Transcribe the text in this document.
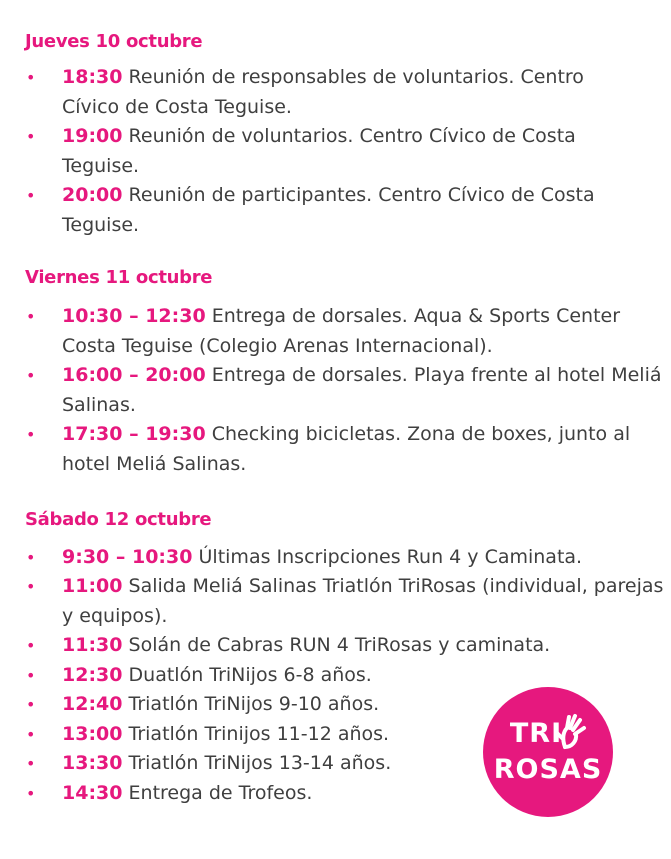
Jueves 10 octubre
• 18:30 Reunión de responsables de voluntarios. Centro Cívico de Costa Teguise.
• 19:00 Reunión de voluntarios. Centro Cívico de Costa Teguise.
• 20:00 Reunión de participantes. Centro Cívico de Costa Teguise.
Viernes 11 octubre
• 10:30 – 12:30 Entrega de dorsales. Aqua & Sports Center Costa Teguise (Colegio Arenas Internacional).
• 16:00 – 20:00 Entrega de dorsales. Playa frente al hotel Meliá Salinas.
• 17:30 – 19:30 Checking bicicletas. Zona de boxes, junto al hotel Meliá Salinas.
Sábado 12 octubre
• 9:30 – 10:30 Últimas Inscripciones Run 4 y Caminata.
• 11:00 Salida Meliá Salinas Triatlón TriRosas (individual, parejas y equipos).
• 11:30 Solán de Cabras RUN 4 TriRosas y caminata.
• 12:30 Duatlón TriNijos 6-8 años.
• 12:40 Triatlón TriNijos 9-10 años.
• 13:00 Triatlón Trinijos 11-12 años.
• 13:30 Triatlón TriNijos 13-14 años.
• 14:30 Entrega de Trofeos.
TRI
ROSAS
